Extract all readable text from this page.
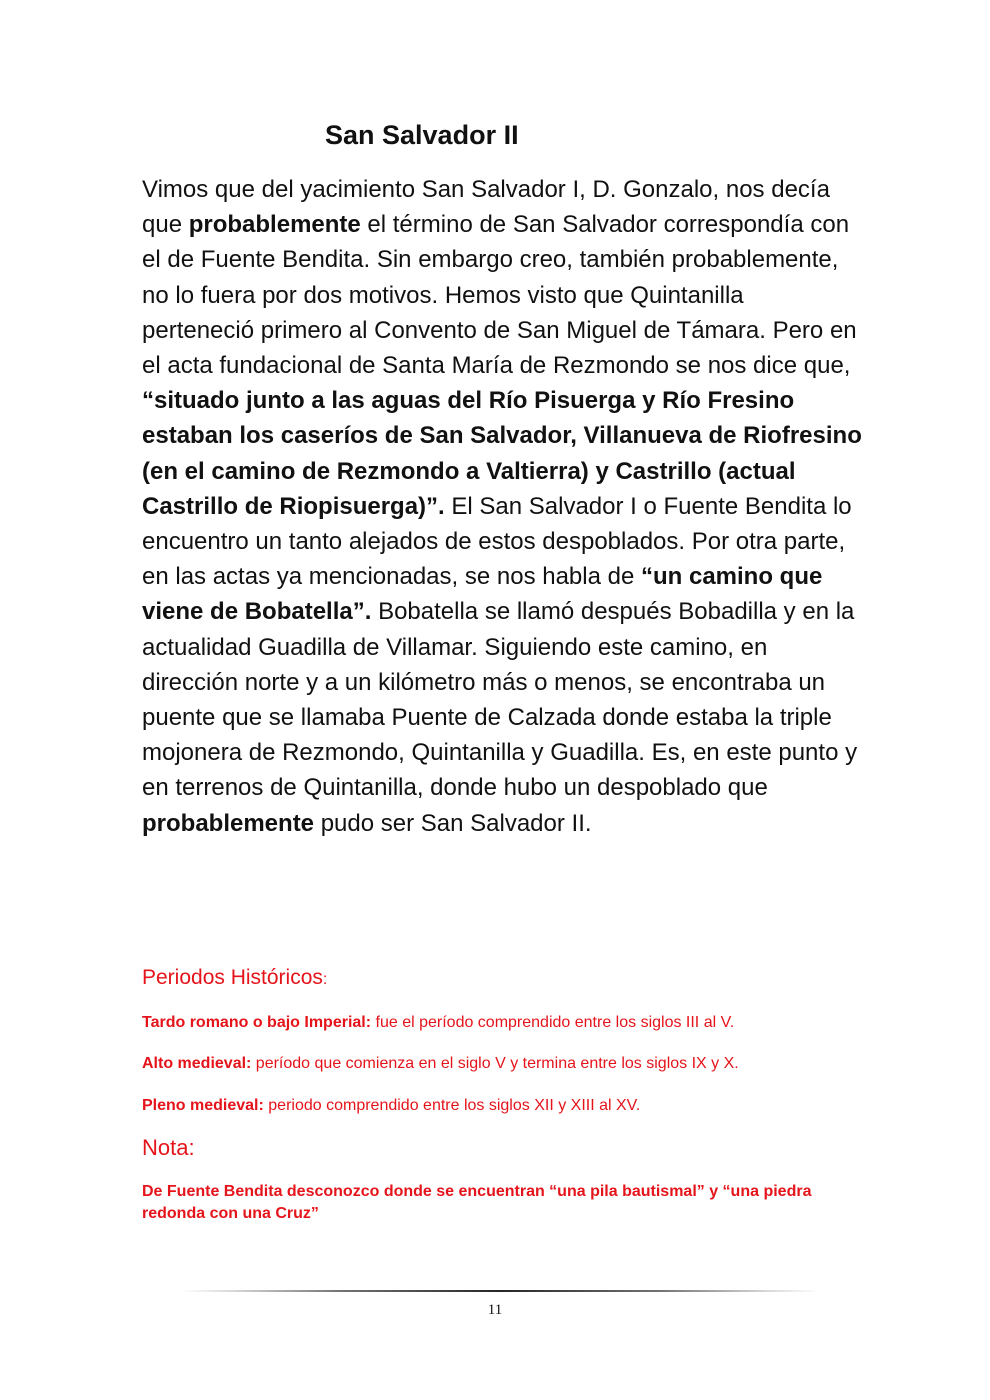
San Salvador II

Vimos que del yacimiento San Salvador I, D. Gonzalo, nos decía que probablemente el término de San Salvador correspondía con el de Fuente Bendita. Sin embargo creo, también probablemente, no lo fuera por dos motivos. Hemos visto que Quintanilla perteneció primero al Convento de San Miguel de Támara. Pero en el acta fundacional de Santa María de Rezmondo se nos dice que, “situado junto a las aguas del Río Pisuerga y Río Fresino estaban los caseríos de San Salvador, Villanueva de Riofresino (en el camino de Rezmondo a Valtierra) y Castrillo (actual Castrillo de Riopisuerga)”. El San Salvador I o Fuente Bendita lo encuentro un tanto alejados de estos despoblados. Por otra parte, en las actas ya mencionadas, se nos habla de “un camino que viene de Bobatella”. Bobatella se llamó después Bobadilla y en la actualidad Guadilla de Villamar. Siguiendo este camino, en dirección norte y a un kilómetro más o menos, se encontraba un puente que se llamaba Puente de Calzada donde estaba la triple mojonera de Rezmondo, Quintanilla y Guadilla. Es, en este punto y en terrenos de Quintanilla, donde hubo un despoblado que probablemente pudo ser San Salvador II.

Periodos Históricos:

Tardo romano o bajo Imperial: fue el período comprendido entre los siglos III al V.

Alto medieval: período que comienza en el siglo V y termina entre los siglos IX y X.

Pleno medieval: periodo comprendido entre los siglos XII y XIII al XV.

Nota:

De Fuente Bendita desconozco donde se encuentran “una pila bautismal” y “una piedra redonda con una Cruz”

11
